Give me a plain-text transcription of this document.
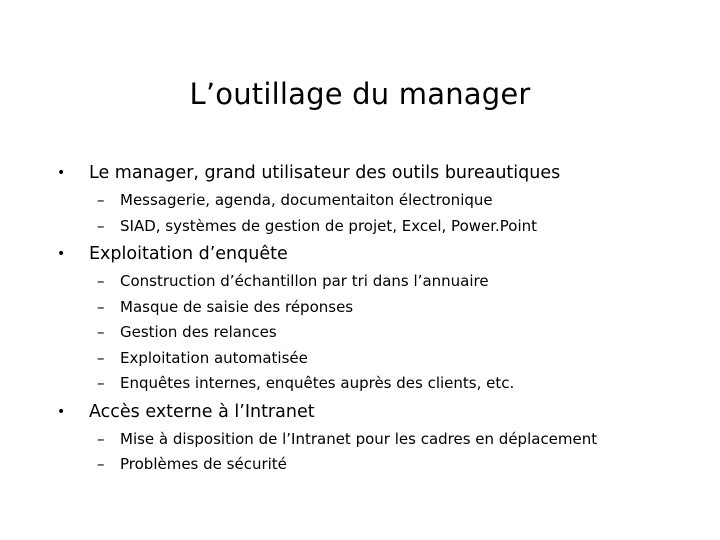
L’outillage du manager
•	Le manager, grand utilisateur des outils bureautiques
–	Messagerie, agenda, documentaiton électronique
–	SIAD, systèmes de gestion de projet, Excel, Power.Point
•	Exploitation d’enquête
–	Construction d’échantillon par tri dans l’annuaire
–	Masque de saisie des réponses
–	Gestion des relances
–	Exploitation automatisée
–	Enquêtes internes, enquêtes auprès des clients, etc.
•	Accès externe à l’Intranet
–	Mise à disposition de l’Intranet pour les cadres en déplacement
–	Problèmes de sécurité
